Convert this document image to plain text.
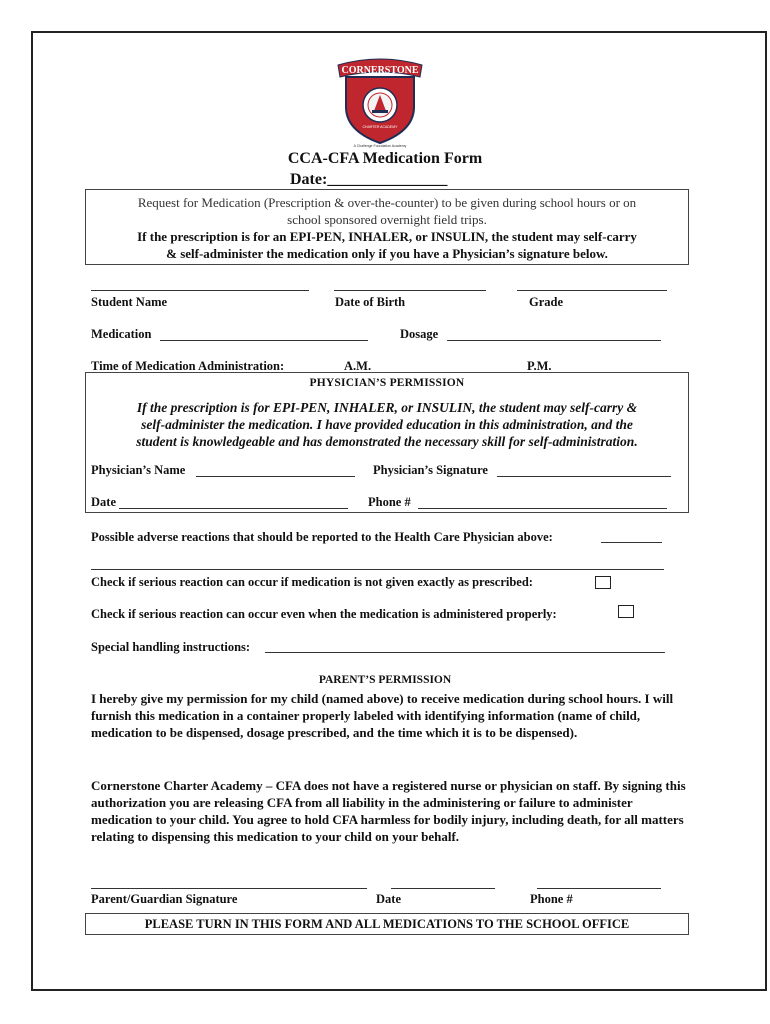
CORNERSTONE
A Challenge Foundation Academy
CHARTER ACADEMY
CCA-CFA Medication Form
Date:_______________
Request for Medication (Prescription & over-the-counter) to be given during school hours or on
school sponsored overnight field trips.
If the prescription is for an EPI-PEN, INHALER, or INSULIN, the student may self-carry
& self-administer the medication only if you have a Physician’s signature below.
Student Name	Date of Birth	Grade
Medication	Dosage
Time of Medication Administration:	A.M.	P.M.
PHYSICIAN’S PERMISSION
If the prescription is for EPI-PEN, INHALER, or INSULIN, the student may self-carry &
self-administer the medication. I have provided education in this administration, and the
student is knowledgeable and has demonstrated the necessary skill for self-administration.
Physician’s Name	Physician’s Signature
Date	Phone #
Possible adverse reactions that should be reported to the Health Care Physician above:
Check if serious reaction can occur if medication is not given exactly as prescribed:
Check if serious reaction can occur even when the medication is administered properly:
Special handling instructions:
PARENT’S PERMISSION
I hereby give my permission for my child (named above) to receive medication during school hours. I will furnish this medication in a container properly labeled with identifying information (name of child, medication to be dispensed, dosage prescribed, and the time which it is to be dispensed).
Cornerstone Charter Academy – CFA does not have a registered nurse or physician on staff. By signing this authorization you are releasing CFA from all liability in the administering or failure to administer medication to your child. You agree to hold CFA harmless for bodily injury, including death, for all matters relating to dispensing this medication to your child on your behalf.
Parent/Guardian Signature	Date	Phone #
PLEASE TURN IN THIS FORM AND ALL MEDICATIONS TO THE SCHOOL OFFICE
